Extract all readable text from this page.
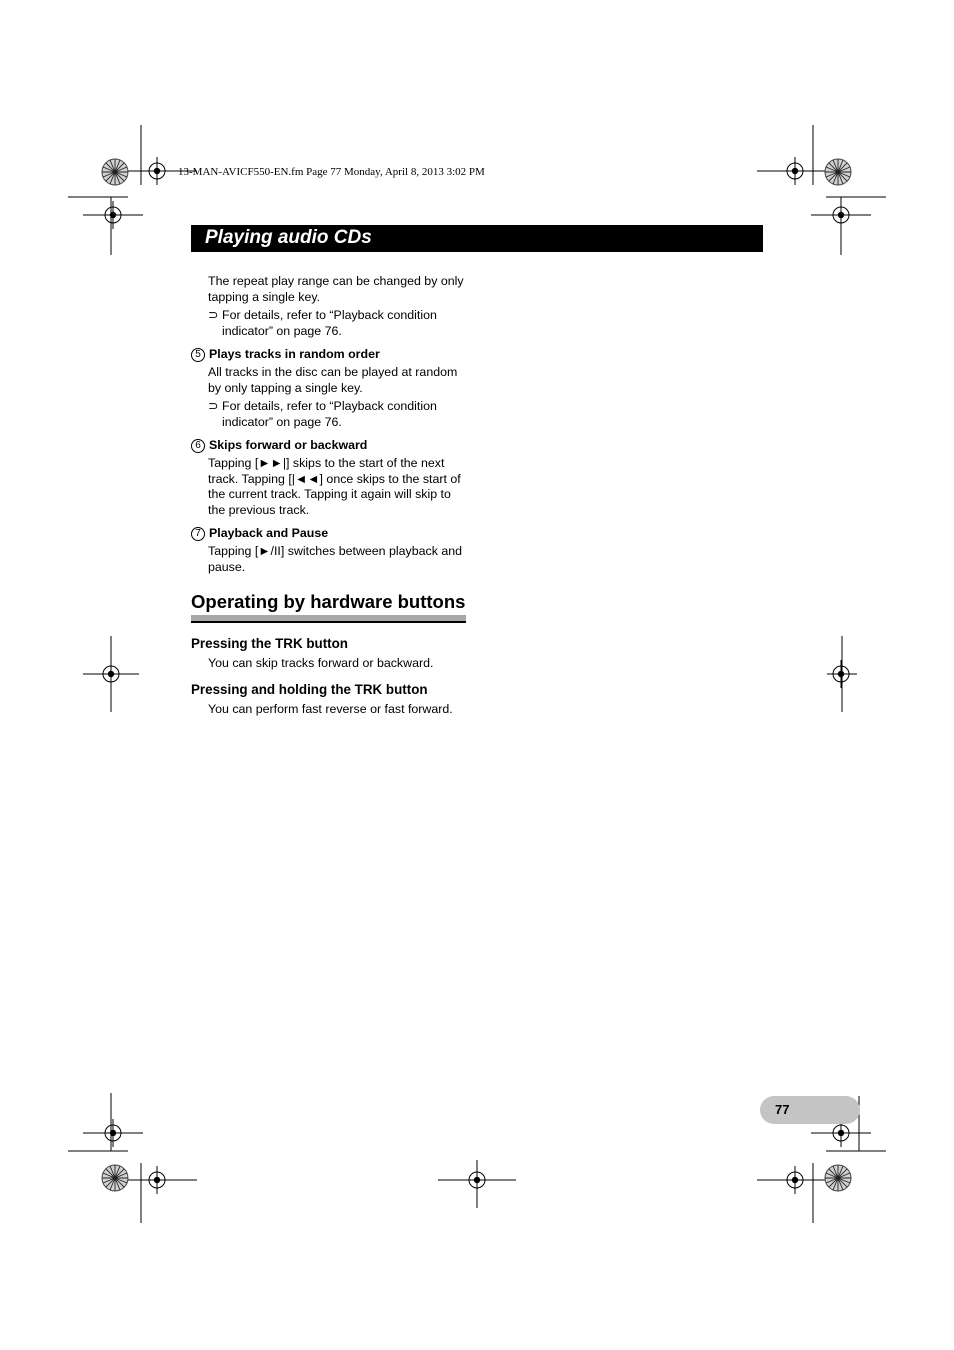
13-MAN-AVICF550-EN.fm Page 77 Monday, April 8, 2013 3:02 PM
Playing audio CDs

The repeat play range can be changed by only tapping a single key.

⊃ For details, refer to “Playback condition indicator” on page 76.

5 Plays tracks in random order

All tracks in the disc can be played at random by only tapping a single key.

⊃ For details, refer to “Playback condition indicator” on page 76.

6 Skips forward or backward

Tapping [►►|] skips to the start of the next track. Tapping [|◄◄] once skips to the start of the current track. Tapping it again will skip to the previous track.

7 Playback and Pause

Tapping [►/II] switches between playback and pause.

Operating by hardware buttons
Pressing the TRK button

You can skip tracks forward or backward.

Pressing and holding the TRK button

You can perform fast reverse or fast forward.

77
